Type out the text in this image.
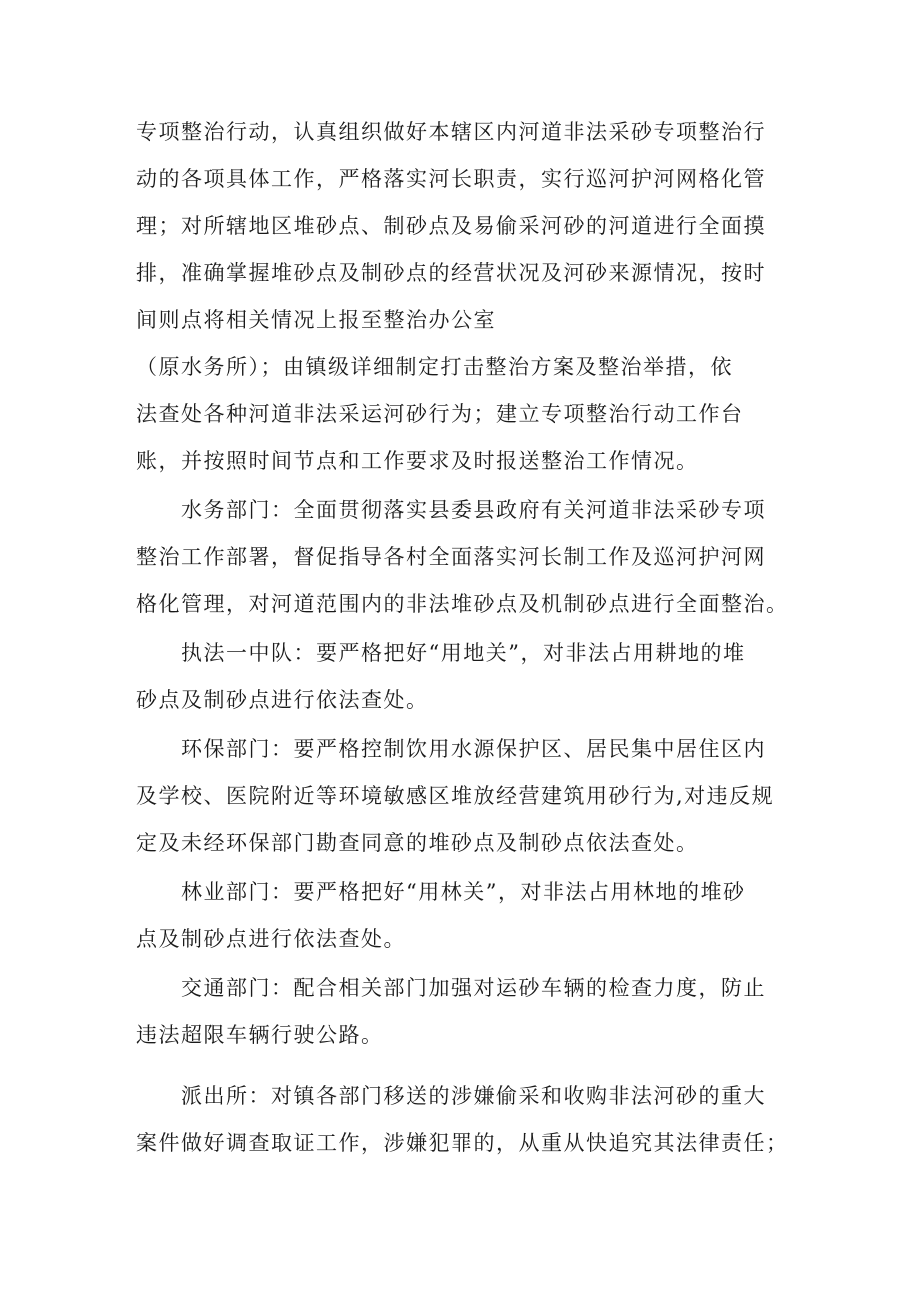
专项整治行动，认真组织做好本辖区内河道非法采砂专项整治行
动的各项具体工作，严格落实河长职责，实行巡河护河网格化管
理；对所辖地区堆砂点、制砂点及易偷采河砂的河道进行全面摸
排，准确掌握堆砂点及制砂点的经营状况及河砂来源情况，按时
间则点将相关情况上报至整治办公室
（原水务所）；由镇级详细制定打击整治方案及整治举措，依
法查处各种河道非法采运河砂行为；建立专项整治行动工作台
账，并按照时间节点和工作要求及时报送整治工作情况。
　　水务部门：全面贯彻落实县委县政府有关河道非法采砂专项
整治工作部署，督促指导各村全面落实河长制工作及巡河护河网
格化管理，对河道范围内的非法堆砂点及机制砂点进行全面整治。
　　执法一中队：要严格把好“用地关”，对非法占用耕地的堆
砂点及制砂点进行依法查处。
　　环保部门：要严格控制饮用水源保护区、居民集中居住区内
及学校、医院附近等环境敏感区堆放经营建筑用砂行为,对违反规
定及未经环保部门勘查同意的堆砂点及制砂点依法查处。
　　林业部门：要严格把好“用林关”，对非法占用林地的堆砂
点及制砂点进行依法查处。
　　交通部门：配合相关部门加强对运砂车辆的检查力度，防止
违法超限车辆行驶公路。
　　派出所：对镇各部门移送的涉嫌偷采和收购非法河砂的重大
案件做好调查取证工作，涉嫌犯罪的，从重从快追究其法律责任；
